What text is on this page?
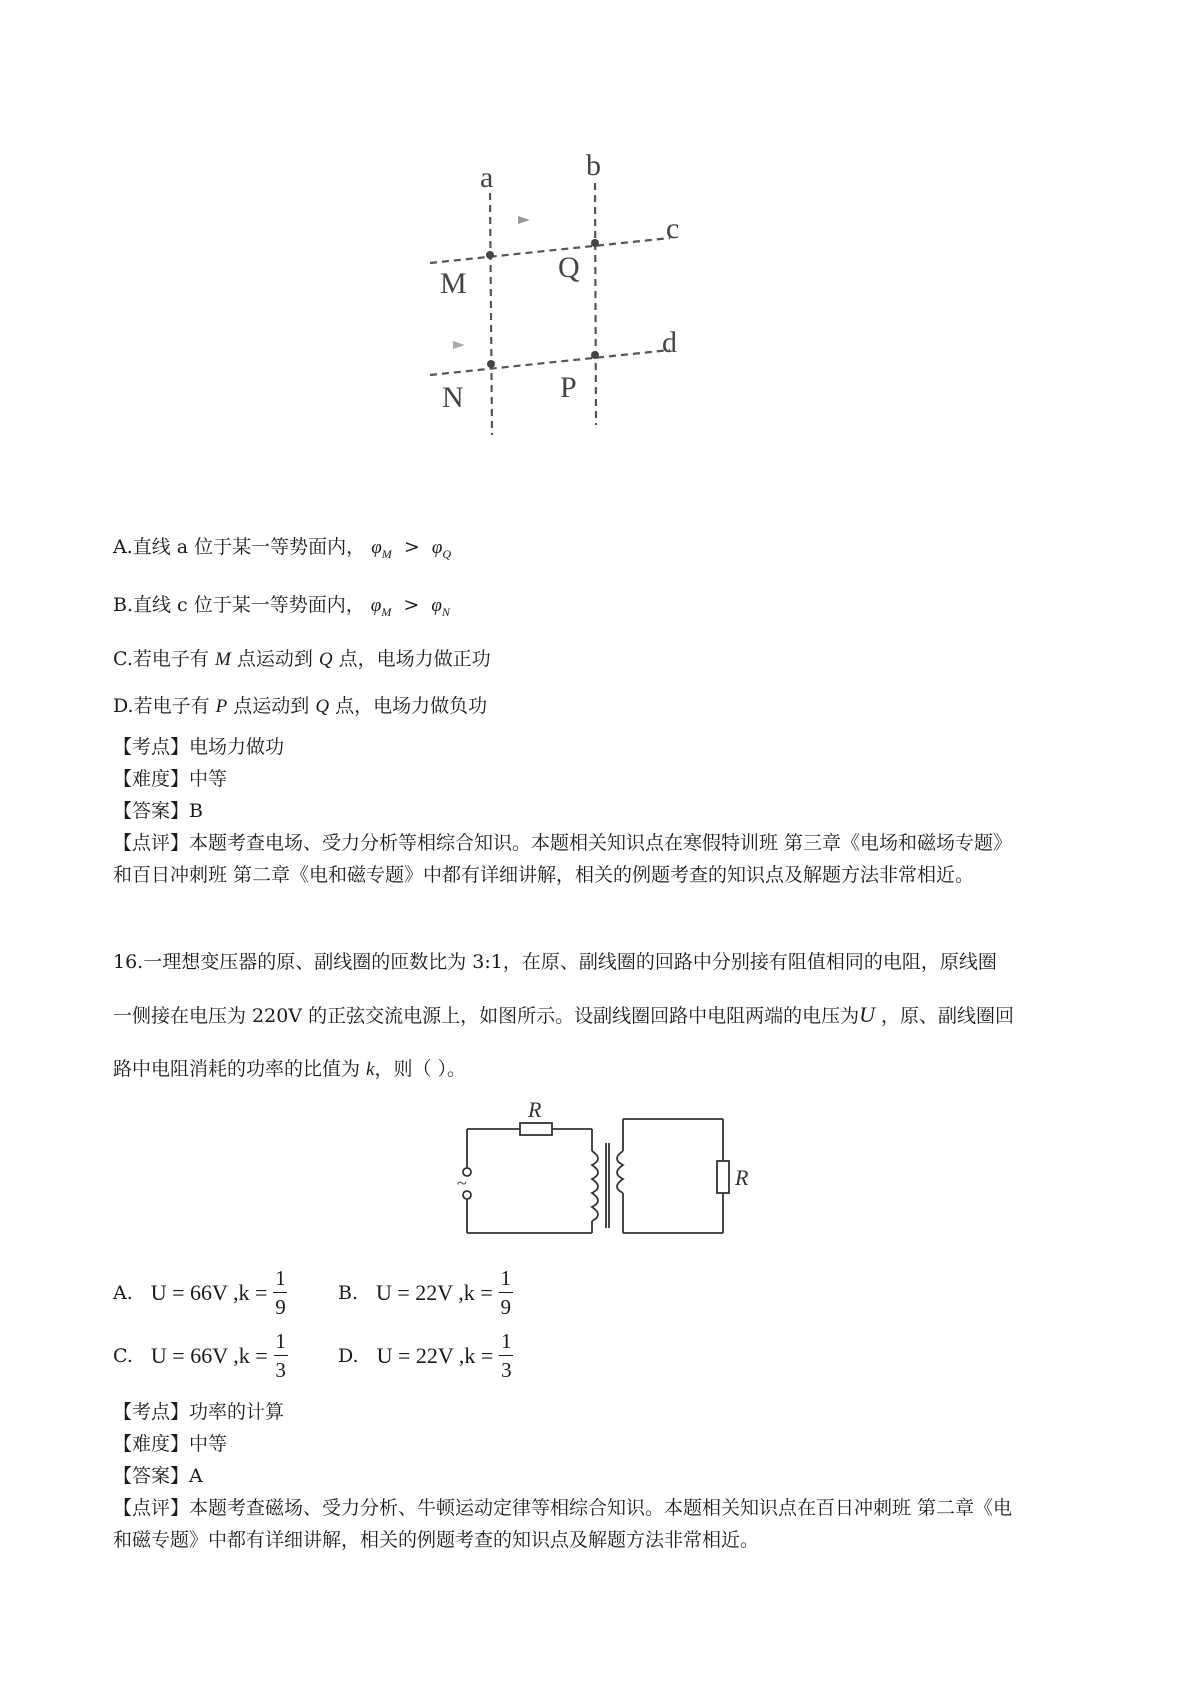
a	b
c
d
M	Q
N	P
A.直线 a 位于某一等势面内， $\varphi_M > \varphi_Q$
B.直线 c 位于某一等势面内， $\varphi_M > \varphi_N$
C.若电子有 M 点运动到 Q 点，电场力做正功
D.若电子有 P 点运动到 Q 点，电场力做负功
【考点】电场力做功
【难度】中等
【答案】B
【点评】本题考查电场、受力分析等相综合知识。本题相关知识点在寒假特训班 第三章《电场和磁场专题》
和百日冲刺班 第二章《电和磁专题》中都有详细讲解，相关的例题考查的知识点及解题方法非常相近。
16.一理想变压器的原、副线圈的匝数比为 3:1，在原、副线圈的回路中分别接有阻值相同的电阻，原线圈
一侧接在电压为 220V 的正弦交流电源上，如图所示。设副线圈回路中电阻两端的电压为U ，原、副线圈回
路中电阻消耗的功率的比值为 k，则（ ）。
R
R
~
A. U = 66V $,k = \frac{1}{9}$	B. U = 22V $,k = \frac{1}{9}$
C. U = 66V $,k = \frac{1}{3}$	D. U = 22V $,k = \frac{1}{3}$
【考点】功率的计算
【难度】中等
【答案】A
【点评】本题考查磁场、受力分析、牛顿运动定律等相综合知识。本题相关知识点在百日冲刺班 第二章《电
和磁专题》中都有详细讲解，相关的例题考查的知识点及解题方法非常相近。
